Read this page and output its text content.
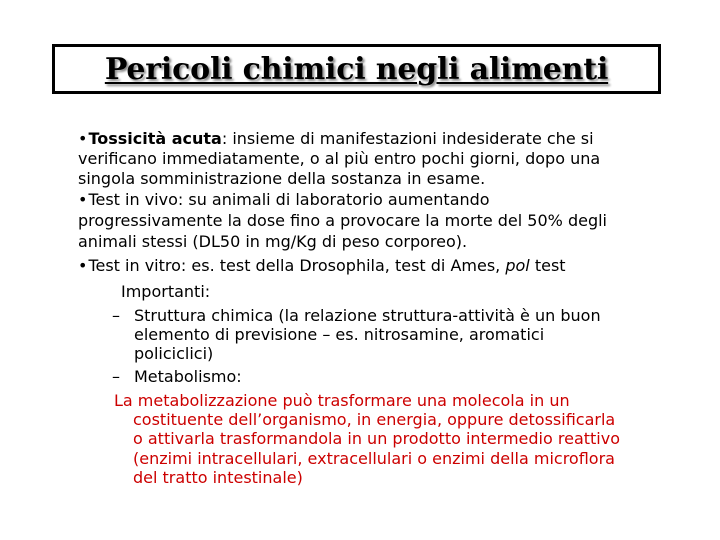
Pericoli chimici negli alimenti
•Tossicità acuta: insieme di manifestazioni indesiderate che si
verificano immediatamente, o al più entro pochi giorni, dopo una
singola somministrazione della sostanza in esame.
•Test in vivo: su animali di laboratorio aumentando
progressivamente la dose fino a provocare la morte del 50% degli
animali stessi (DL50 in mg/Kg di peso corporeo).
•Test in vitro: es. test della Drosophila, test di Ames, pol test
Importanti:
– Struttura chimica (la relazione struttura-attività è un buon
elemento di previsione – es. nitrosamine, aromatici
policiclici)
– Metabolismo:
La metabolizzazione può trasformare una molecola in un
costituente dell’organismo, in energia, oppure detossificarla
o attivarla trasformandola in un prodotto intermedio reattivo
(enzimi intracellulari, extracellulari o enzimi della microflora
del tratto intestinale)
